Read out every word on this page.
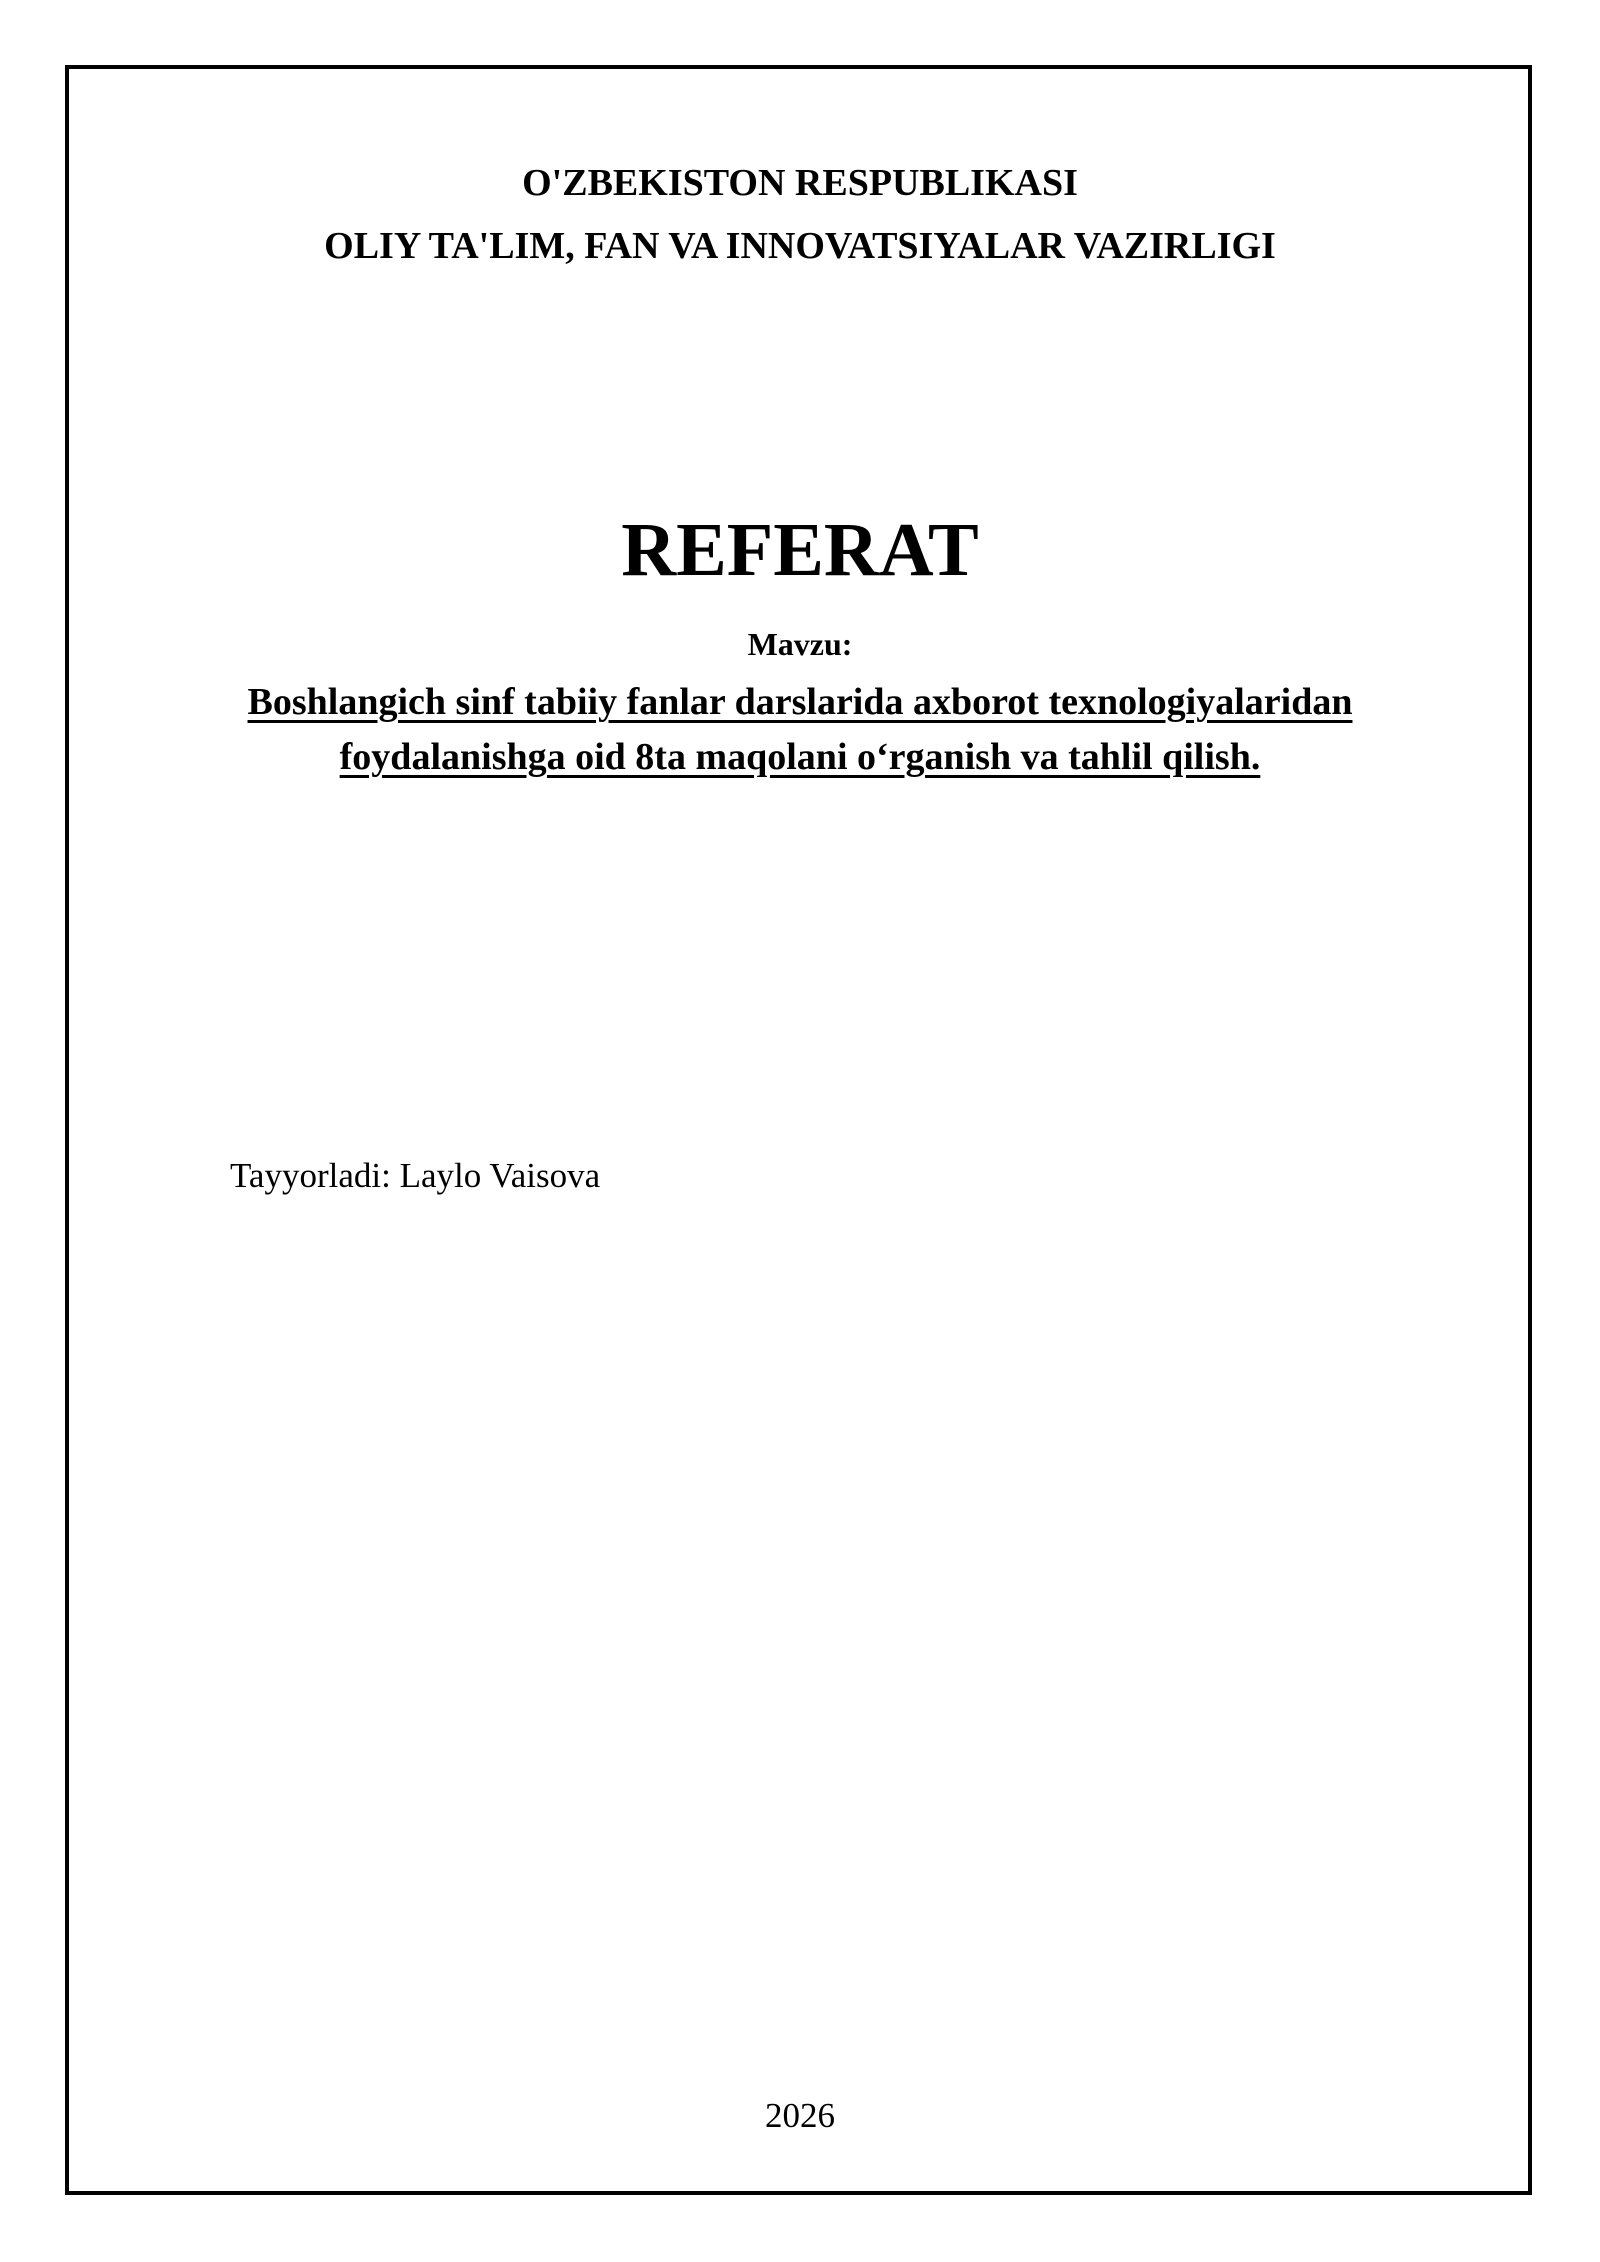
O'ZBEKISTON RESPUBLIKASI
OLIY TA'LIM, FAN VA INNOVATSIYALAR VAZIRLIGI
REFERAT
Mavzu:
Boshlangich sinf tabiiy fanlar darslarida axborot texnologiyalaridan
foydalanishga oid 8ta maqolani o‘rganish va tahlil qilish.
Tayyorladi: Laylo Vaisova
2026
